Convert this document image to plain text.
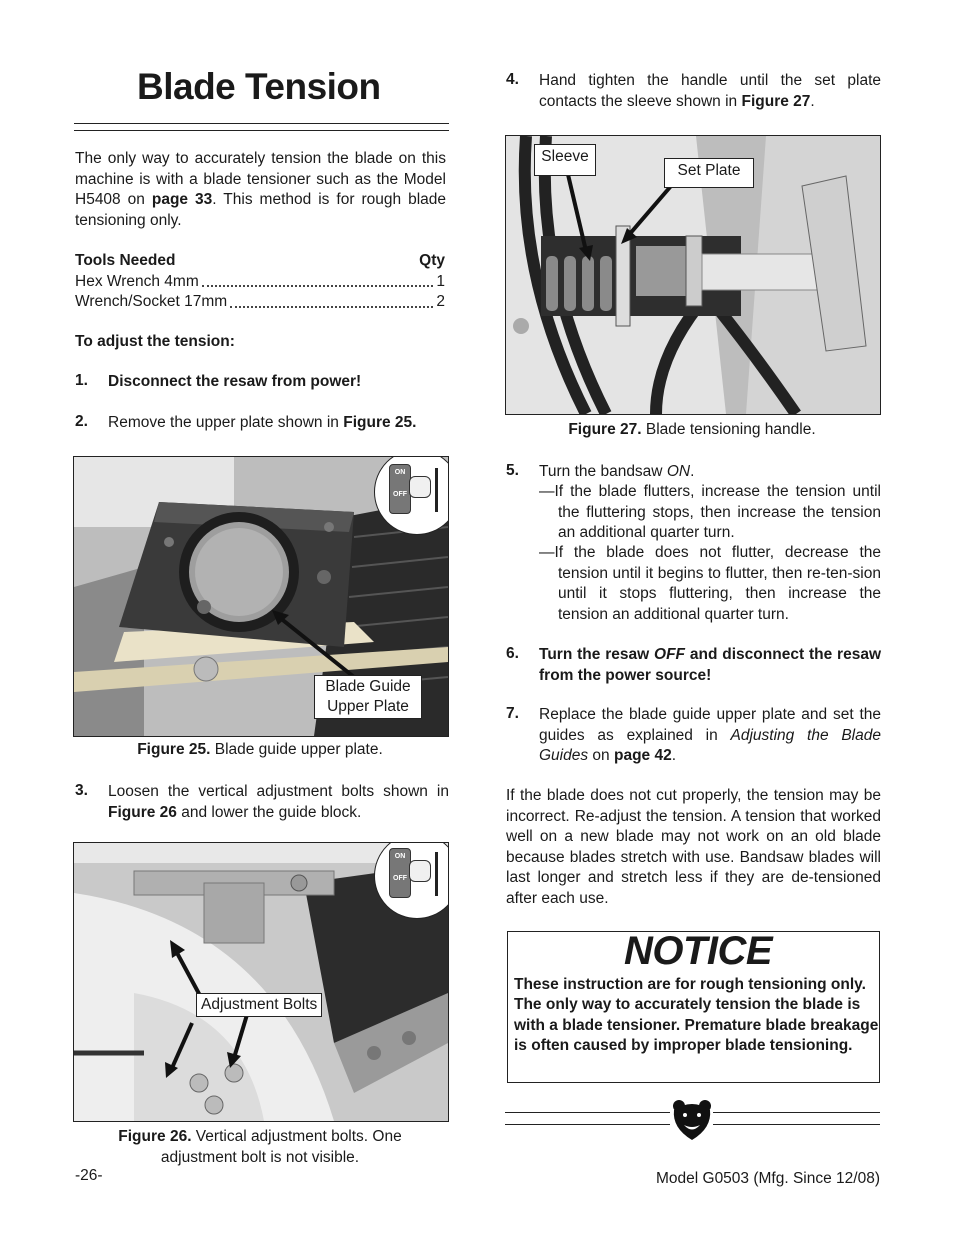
Blade Tension
The only way to accurately tension the blade on this machine is with a blade tensioner such as the Model H5408 on page 33. This method is for rough blade tensioning only.
Tools Needed	Qty
Hex Wrench 4mm	1
Wrench/Socket 17mm	2
To adjust the tension:
1. Disconnect the resaw from power!
2. Remove the upper plate shown in Figure 25.
ON
OFF
Blade Guide
Upper Plate
Figure 25. Blade guide upper plate.
3. Loosen the vertical adjustment bolts shown in Figure 26 and lower the guide block.
ON
OFF
Adjustment Bolts
Figure 26. Vertical adjustment bolts. One
adjustment bolt is not visible.
4. Hand tighten the handle until the set plate contacts the sleeve shown in Figure 27.
Sleeve
Set Plate
Figure 27. Blade tensioning handle.
5. Turn the bandsaw ON.
—If the blade flutters, increase the tension until the fluttering stops, then increase the tension an additional quarter turn.
—If the blade does not flutter, decrease the tension until it begins to flutter, then re-ten-sion until it stops fluttering, then increase the tension an additional quarter turn.
6. Turn the resaw OFF and disconnect the resaw from the power source!
7. Replace the blade guide upper plate and set the guides as explained in Adjusting the Blade Guides on page 42.
If the blade does not cut properly, the tension may be incorrect. Re-adjust the tension. A tension that worked well on a new blade may not work on an old blade because blades stretch with use. Bandsaw blades will last longer and stretch less if they are de-tensioned after each use.
NOTICE
These instruction are for rough tensioning only. The only way to accurately tension the blade is with a blade tensioner. Premature blade breakage is often caused by improper blade tensioning.
-26-	Model G0503 (Mfg. Since 12/08)
